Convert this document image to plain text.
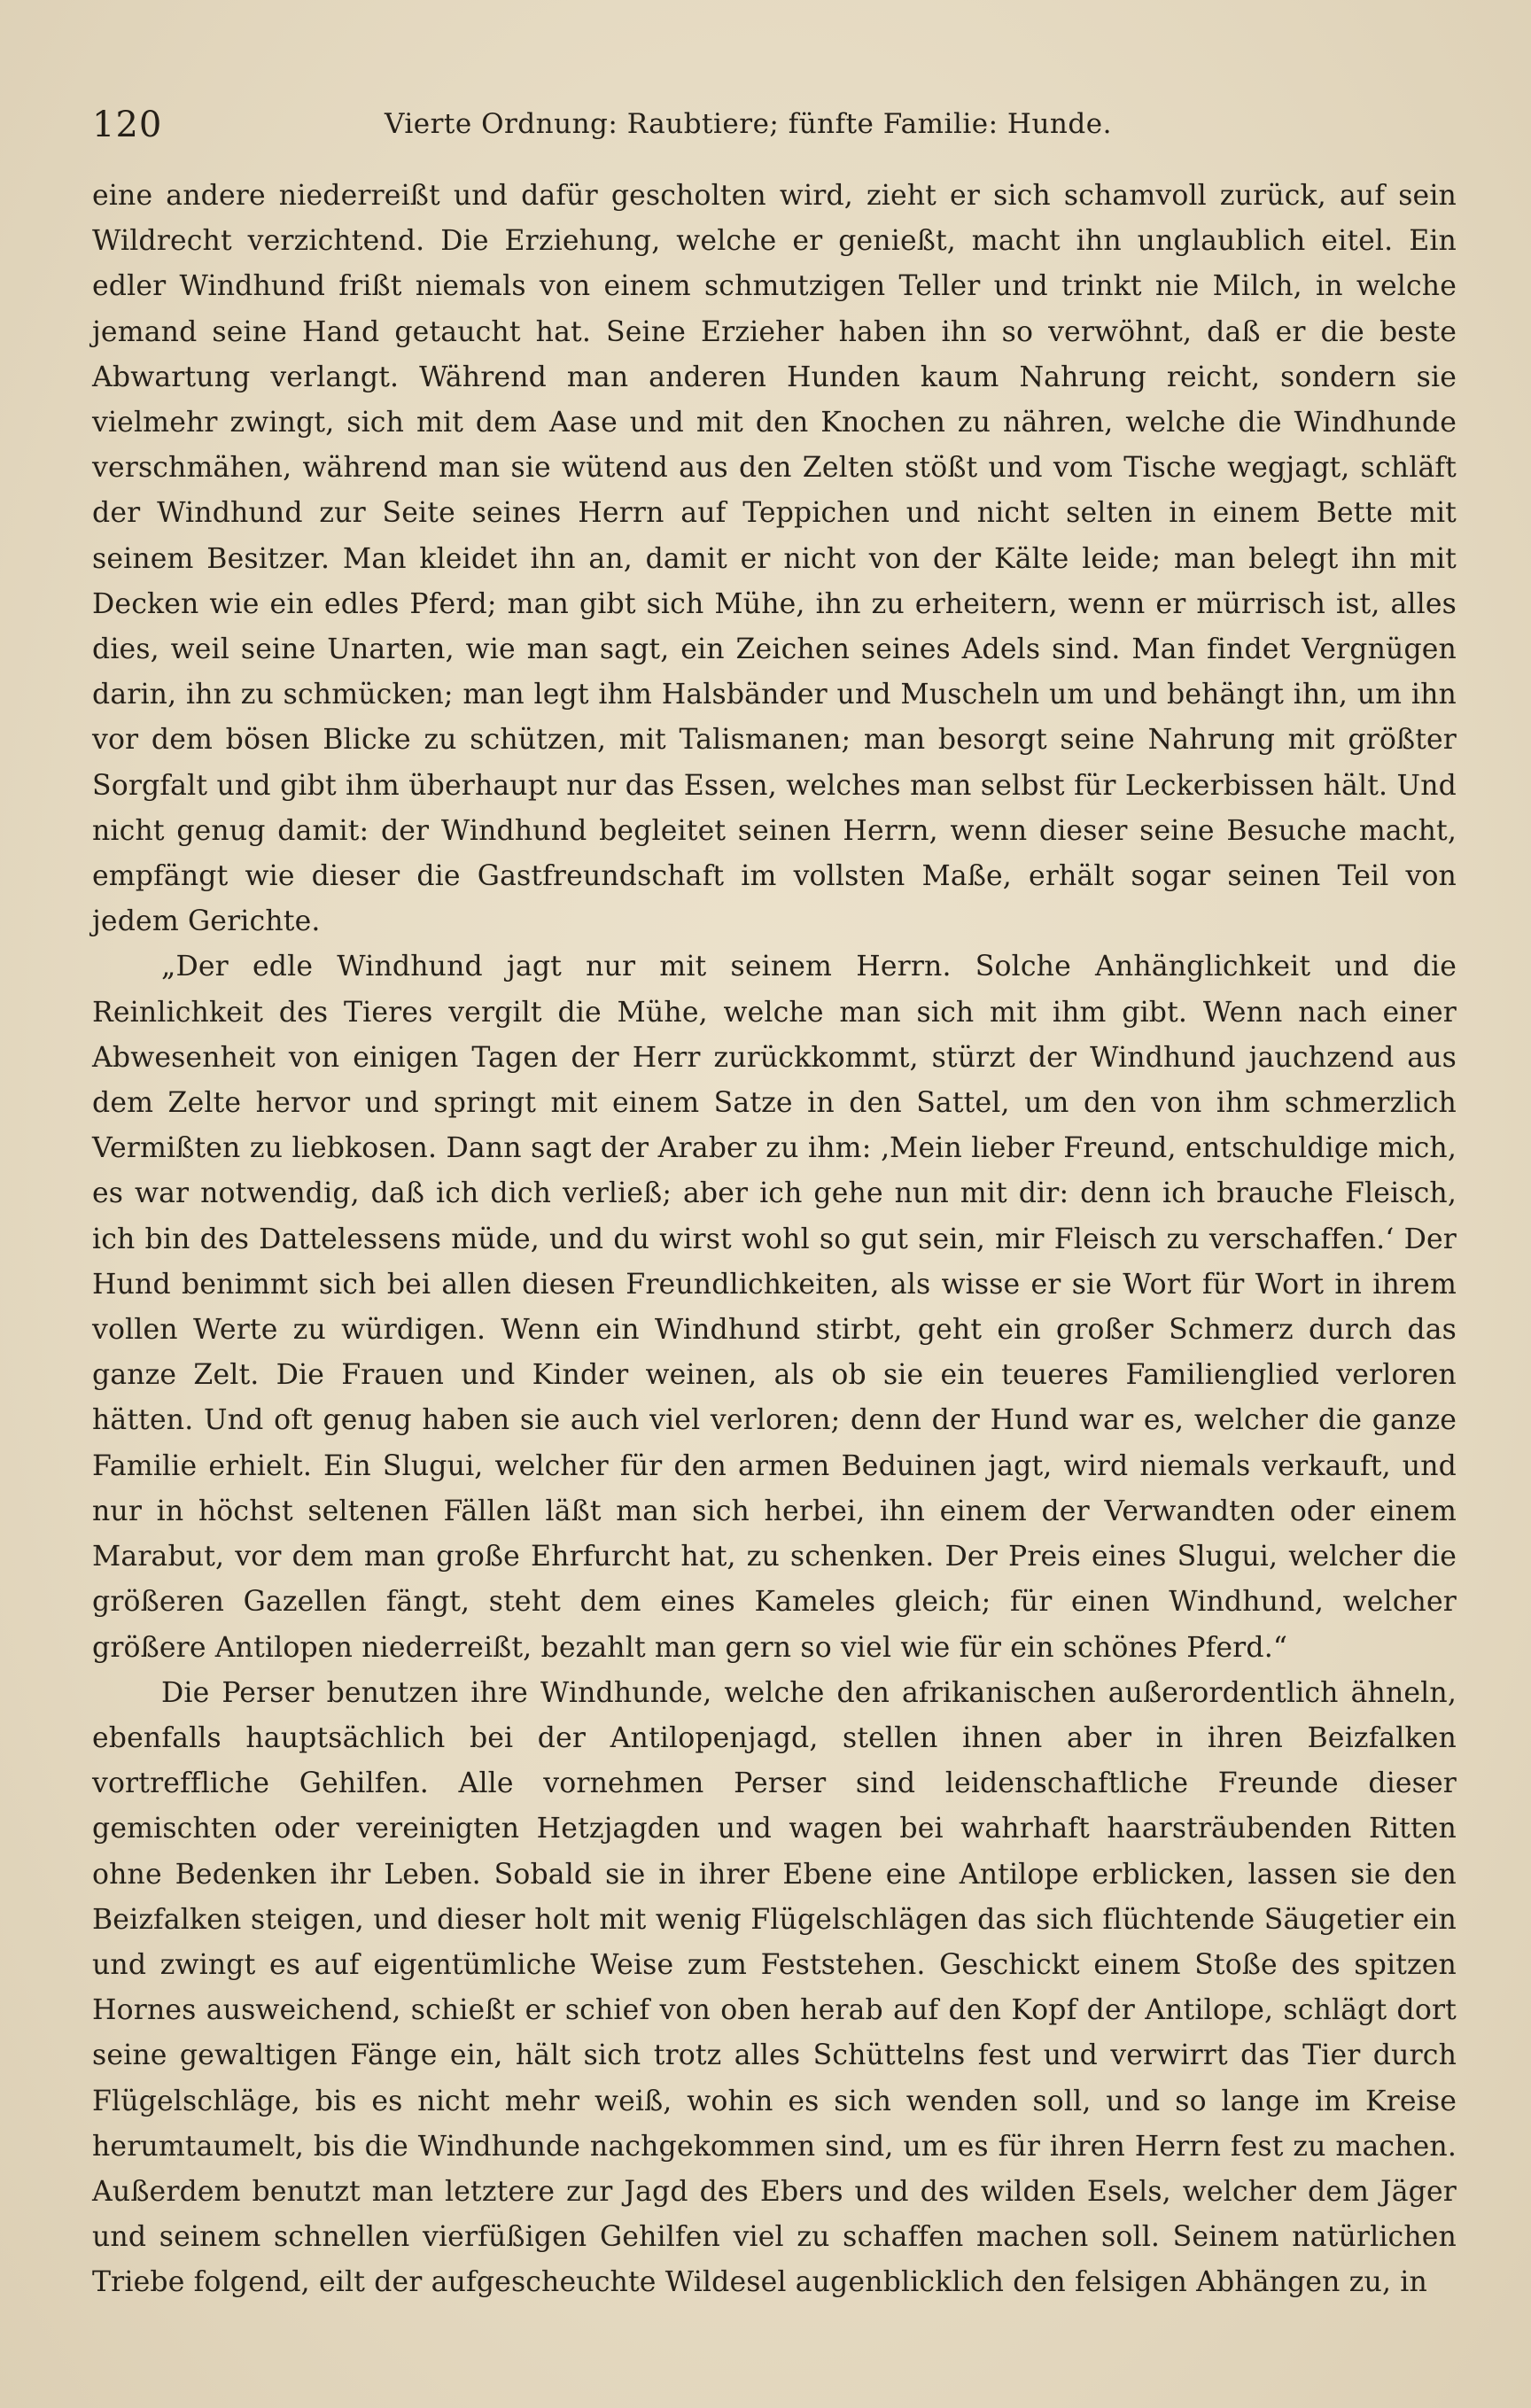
120	Vierte Ordnung: Raubtiere; fünfte Familie: Hunde.

eine andere niederreißt und dafür gescholten wird, zieht er sich schamvoll zurück, auf sein Wildrecht verzichtend. Die Erziehung, welche er genießt, macht ihn unglaublich eitel. Ein edler Windhund frißt niemals von einem schmutzigen Teller und trinkt nie Milch, in welche jemand seine Hand getaucht hat. Seine Erzieher haben ihn so verwöhnt, daß er die beste Abwartung verlangt. Während man anderen Hunden kaum Nahrung reicht, sondern sie vielmehr zwingt, sich mit dem Aase und mit den Knochen zu nähren, welche die Windhunde verschmähen, während man sie wütend aus den Zelten stößt und vom Tische wegjagt, schläft der Windhund zur Seite seines Herrn auf Teppichen und nicht selten in einem Bette mit seinem Besitzer. Man kleidet ihn an, damit er nicht von der Kälte leide; man belegt ihn mit Decken wie ein edles Pferd; man gibt sich Mühe, ihn zu erheitern, wenn er mürrisch ist, alles dies, weil seine Unarten, wie man sagt, ein Zeichen seines Adels sind. Man findet Vergnügen darin, ihn zu schmücken; man legt ihm Halsbänder und Muscheln um und behängt ihn, um ihn vor dem bösen Blicke zu schützen, mit Talismanen; man besorgt seine Nahrung mit größter Sorgfalt und gibt ihm überhaupt nur das Essen, welches man selbst für Leckerbissen hält. Und nicht genug damit: der Windhund begleitet seinen Herrn, wenn dieser seine Besuche macht, empfängt wie dieser die Gastfreundschaft im vollsten Maße, erhält sogar seinen Teil von jedem Gerichte.

„Der edle Windhund jagt nur mit seinem Herrn. Solche Anhänglichkeit und die Reinlichkeit des Tieres vergilt die Mühe, welche man sich mit ihm gibt. Wenn nach einer Abwesenheit von einigen Tagen der Herr zurückkommt, stürzt der Windhund jauchzend aus dem Zelte hervor und springt mit einem Satze in den Sattel, um den von ihm schmerzlich Vermißten zu liebkosen. Dann sagt der Araber zu ihm: ‚Mein lieber Freund, entschuldige mich, es war notwendig, daß ich dich verließ; aber ich gehe nun mit dir: denn ich brauche Fleisch, ich bin des Dattelessens müde, und du wirst wohl so gut sein, mir Fleisch zu verschaffen.‘ Der Hund benimmt sich bei allen diesen Freundlichkeiten, als wisse er sie Wort für Wort in ihrem vollen Werte zu würdigen. Wenn ein Windhund stirbt, geht ein großer Schmerz durch das ganze Zelt. Die Frauen und Kinder weinen, als ob sie ein teueres Familienglied verloren hätten. Und oft genug haben sie auch viel verloren; denn der Hund war es, welcher die ganze Familie erhielt. Ein Slugui, welcher für den armen Beduinen jagt, wird niemals verkauft, und nur in höchst seltenen Fällen läßt man sich herbei, ihn einem der Verwandten oder einem Marabut, vor dem man große Ehrfurcht hat, zu schenken. Der Preis eines Slugui, welcher die größeren Gazellen fängt, steht dem eines Kameles gleich; für einen Windhund, welcher größere Antilopen niederreißt, bezahlt man gern so viel wie für ein schönes Pferd.“

Die Perser benutzen ihre Windhunde, welche den afrikanischen außerordentlich ähneln, ebenfalls hauptsächlich bei der Antilopenjagd, stellen ihnen aber in ihren Beizfalken vortreffliche Gehilfen. Alle vornehmen Perser sind leidenschaftliche Freunde dieser gemischten oder vereinigten Hetzjagden und wagen bei wahrhaft haarsträubenden Ritten ohne Bedenken ihr Leben. Sobald sie in ihrer Ebene eine Antilope erblicken, lassen sie den Beizfalken steigen, und dieser holt mit wenig Flügelschlägen das sich flüchtende Säugetier ein und zwingt es auf eigentümliche Weise zum Feststehen. Geschickt einem Stoße des spitzen Hornes ausweichend, schießt er schief von oben herab auf den Kopf der Antilope, schlägt dort seine gewaltigen Fänge ein, hält sich trotz alles Schüttelns fest und verwirrt das Tier durch Flügelschläge, bis es nicht mehr weiß, wohin es sich wenden soll, und so lange im Kreise herumtaumelt, bis die Windhunde nachgekommen sind, um es für ihren Herrn fest zu machen. Außerdem benutzt man letztere zur Jagd des Ebers und des wilden Esels, welcher dem Jäger und seinem schnellen vierfüßigen Gehilfen viel zu schaffen machen soll. Seinem natürlichen Triebe folgend, eilt der aufgescheuchte Wildesel augenblicklich den felsigen Abhängen zu, in
